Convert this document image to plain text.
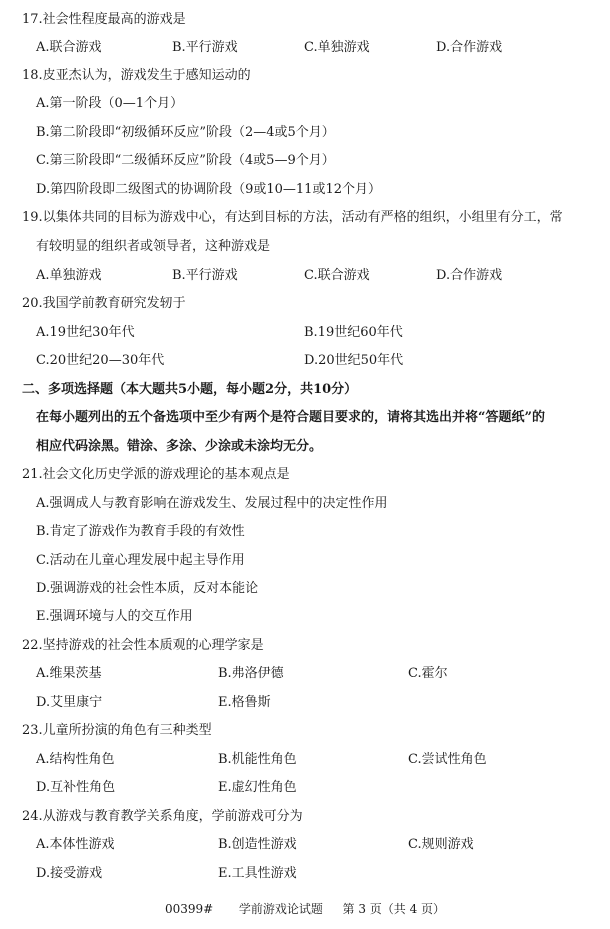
17.社会性程度最高的游戏是
A.联合游戏	B.平行游戏	C.单独游戏	D.合作游戏
18.皮亚杰认为，游戏发生于感知运动的
A.第一阶段（0—1个月）
B.第二阶段即“初级循环反应”阶段（2—4或5个月）
C.第三阶段即“二级循环反应”阶段（4或5—9个月）
D.第四阶段即二级图式的协调阶段（9或10—11或12个月）
19.以集体共同的目标为游戏中心，有达到目标的方法，活动有严格的组织，小组里有分工，常
有较明显的组织者或领导者，这种游戏是
A.单独游戏	B.平行游戏	C.联合游戏	D.合作游戏
20.我国学前教育研究发轫于
A.19世纪30年代	B.19世纪60年代
C.20世纪20—30年代	D.20世纪50年代
二、多项选择题（本大题共5小题，每小题2分，共10分）
在每小题列出的五个备选项中至少有两个是符合题目要求的，请将其选出并将“答题纸”的
相应代码涂黑。错涂、多涂、少涂或未涂均无分。
21.社会文化历史学派的游戏理论的基本观点是
A.强调成人与教育影响在游戏发生、发展过程中的决定性作用
B.肯定了游戏作为教育手段的有效性
C.活动在儿童心理发展中起主导作用
D.强调游戏的社会性本质，反对本能论
E.强调环境与人的交互作用
22.坚持游戏的社会性本质观的心理学家是
A.维果茨基	B.弗洛伊德	C.霍尔
D.艾里康宁	E.格鲁斯
23.儿童所扮演的角色有三种类型
A.结构性角色	B.机能性角色	C.尝试性角色
D.互补性角色	E.虚幻性角色
24.从游戏与教育教学关系角度，学前游戏可分为
A.本体性游戏	B.创造性游戏	C.规则游戏
D.接受游戏	E.工具性游戏
00399# 学前游戏论试题 第 3 页（共 4 页）
